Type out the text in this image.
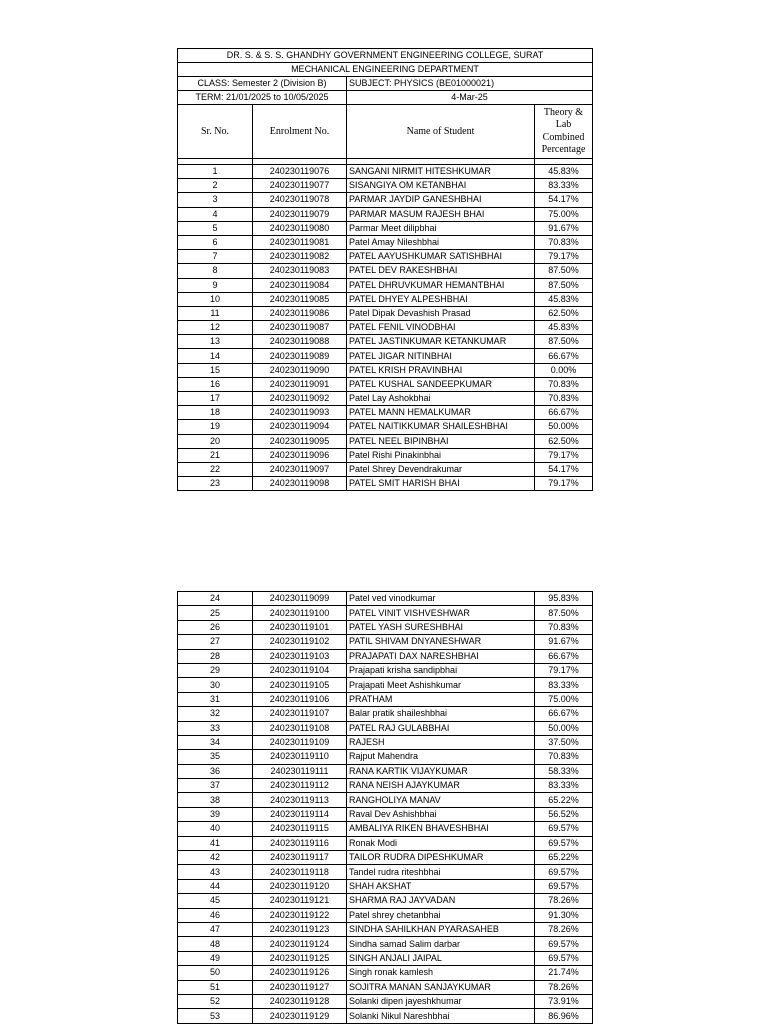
DR. S. & S. S. GHANDHY GOVERNMENT ENGINEERING COLLEGE, SURAT			
MECHANICAL ENGINEERING DEPARTMENT			
CLASS: Semester 2 (Division B)		SUBJECT: PHYSICS (BE01000021)	
TERM: 21/01/2025 to 10/05/2025		4-Mar-25	
Sr. No.	Enrolment No.	Name of Student	Theory & Lab Combined Percentage

1	240230119076	SANGANI NIRMIT HITESHKUMAR	45.83%
2	240230119077	SISANGIYA OM KETANBHAI	83.33%
3	240230119078	PARMAR JAYDIP GANESHBHAI	54.17%
4	240230119079	PARMAR MASUM RAJESH BHAI	75.00%
5	240230119080	Parmar Meet dilipbhai	91.67%
6	240230119081	Patel Amay Nileshbhai	70.83%
7	240230119082	PATEL AAYUSHKUMAR SATISHBHAI	79.17%
8	240230119083	PATEL DEV RAKESHBHAI	87.50%
9	240230119084	PATEL DHRUVKUMAR HEMANTBHAI	87.50%
10	240230119085	PATEL DHYEY ALPESHBHAI	45.83%
11	240230119086	Patel Dipak Devashish Prasad	62.50%
12	240230119087	PATEL FENIL VINODBHAI	45.83%
13	240230119088	PATEL JASTINKUMAR KETANKUMAR	87.50%
14	240230119089	PATEL JIGAR NITINBHAI	66.67%
15	240230119090	PATEL KRISH PRAVINBHAI	0.00%
16	240230119091	PATEL KUSHAL SANDEEPKUMAR	70.83%
17	240230119092	Patel Lay Ashokbhai	70.83%
18	240230119093	PATEL MANN HEMALKUMAR	66.67%
19	240230119094	PATEL NAITIKKUMAR SHAILESHBHAI	50.00%
20	240230119095	PATEL NEEL BIPINBHAI	62.50%
21	240230119096	Patel Rishi Pinakinbhai	79.17%
22	240230119097	Patel Shrey Devendrakumar	54.17%
23	240230119098	PATEL SMIT HARISH BHAI	79.17%
24	240230119099	Patel ved vinodkumar	95.83%
25	240230119100	PATEL VINIT VISHVESHWAR	87.50%
26	240230119101	PATEL YASH SURESHBHAI	70.83%
27	240230119102	PATIL SHIVAM DNYANESHWAR	91.67%
28	240230119103	PRAJAPATI DAX NARESHBHAI	66.67%
29	240230119104	Prajapati krisha sandipbhai	79.17%
30	240230119105	Prajapati Meet Ashishkumar	83.33%
31	240230119106	PRATHAM	75.00%
32	240230119107	Balar pratik shaileshbhai	66.67%
33	240230119108	PATEL RAJ GULABBHAI	50.00%
34	240230119109	RAJESH	37.50%
35	240230119110	Rajput Mahendra	70.83%
36	240230119111	RANA KARTIK VIJAYKUMAR	58.33%
37	240230119112	RANA NEISH AJAYKUMAR	83.33%
38	240230119113	RANGHOLIYA MANAV	65.22%
39	240230119114	Raval Dev Ashishbhai	56.52%
40	240230119115	AMBALIYA RIKEN BHAVESHBHAI	69.57%
41	240230119116	Ronak Modi	69.57%
42	240230119117	TAILOR RUDRA DIPESHKUMAR	65.22%
43	240230119118	Tandel rudra riteshbhai	69.57%
44	240230119120	SHAH AKSHAT	69.57%
45	240230119121	SHARMA RAJ JAYVADAN	78.26%
46	240230119122	Patel shrey chetanbhai	91.30%
47	240230119123	SINDHA SAHILKHAN PYARASAHEB	78.26%
48	240230119124	Sindha samad Salim darbar	69.57%
49	240230119125	SINGH ANJALI JAIPAL	69.57%
50	240230119126	Singh ronak kamlesh	21.74%
51	240230119127	SOJITRA MANAN SANJAYKUMAR	78.26%
52	240230119128	Solanki dipen jayeshkhumar	73.91%
53	240230119129	Solanki Nikul Nareshbhai	86.96%
